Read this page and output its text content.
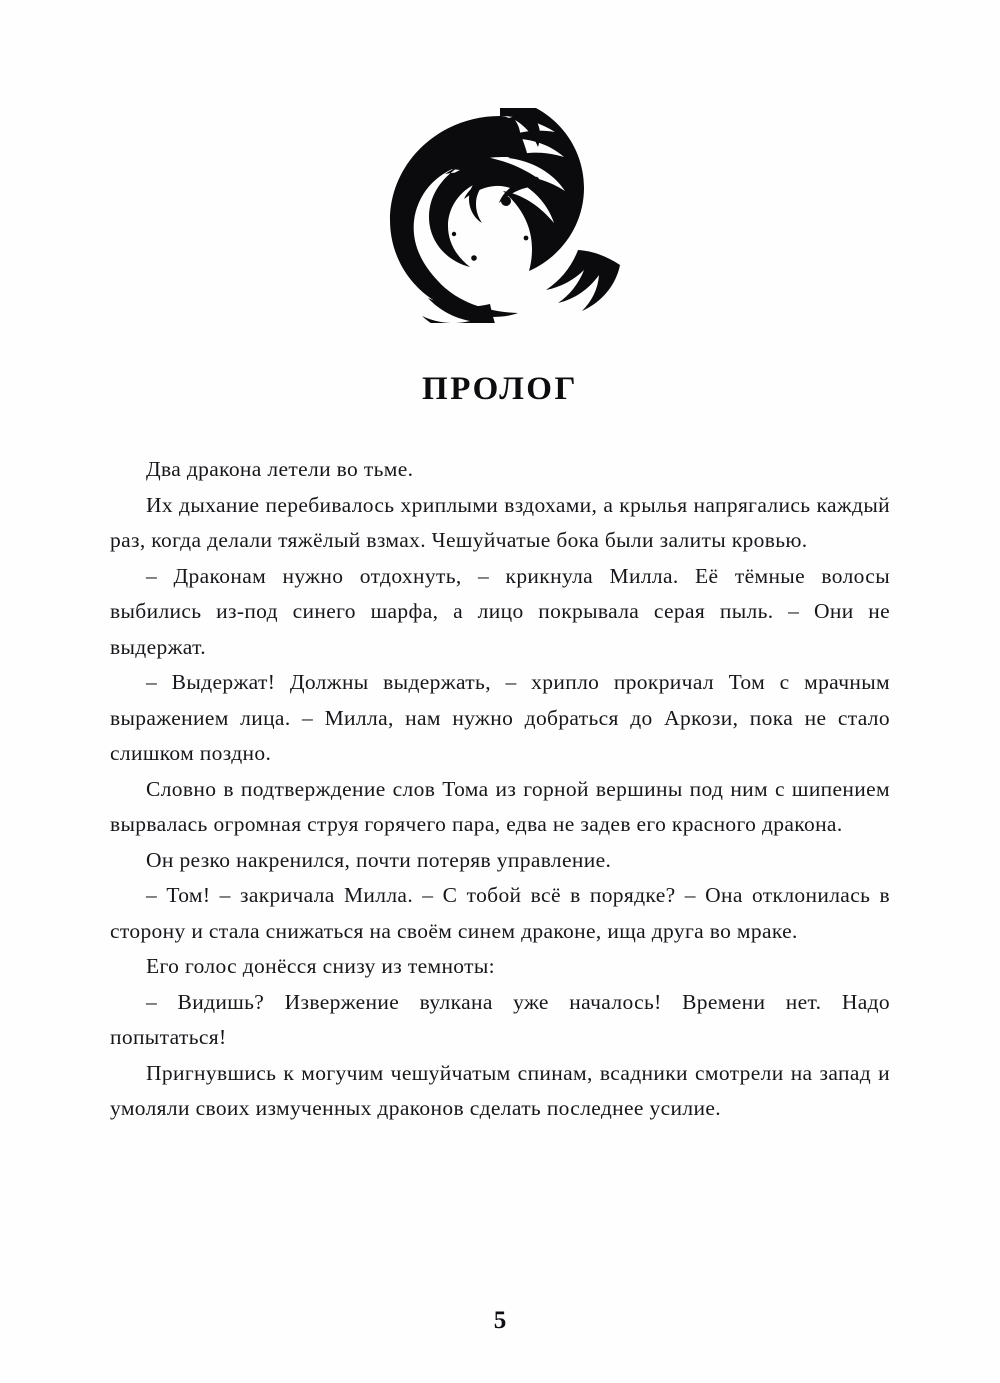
ПРОЛОГ

Два дракона летели во тьме.

Их дыхание перебивалось хриплыми вздохами, а крылья напрягались каждый раз, когда делали тяжёлый взмах. Чешуйчатые бока были залиты кровью.

– Драконам нужно отдохнуть, – крикнула Милла. Её тёмные волосы выбились из-под синего шарфа, а лицо покрывала серая пыль. – Они не выдержат.

– Выдержат! Должны выдержать, – хрипло прокричал Том с мрачным выражением лица. – Милла, нам нужно добраться до Аркози, пока не стало слишком поздно.

Словно в подтверждение слов Тома из горной вершины под ним с шипением вырвалась огромная струя горячего пара, едва не задев его красного дракона.

Он резко накренился, почти потеряв управление.

– Том! – закричала Милла. – С тобой всё в порядке? – Она отклонилась в сторону и стала снижаться на своём синем драконе, ища друга во мраке.

Его голос донёсся снизу из темноты:

– Видишь? Извержение вулкана уже началось! Времени нет. Надо попытаться!

Пригнувшись к могучим чешуйчатым спинам, всадники смотрели на запад и умоляли своих измученных драконов сделать последнее усилие.

5
